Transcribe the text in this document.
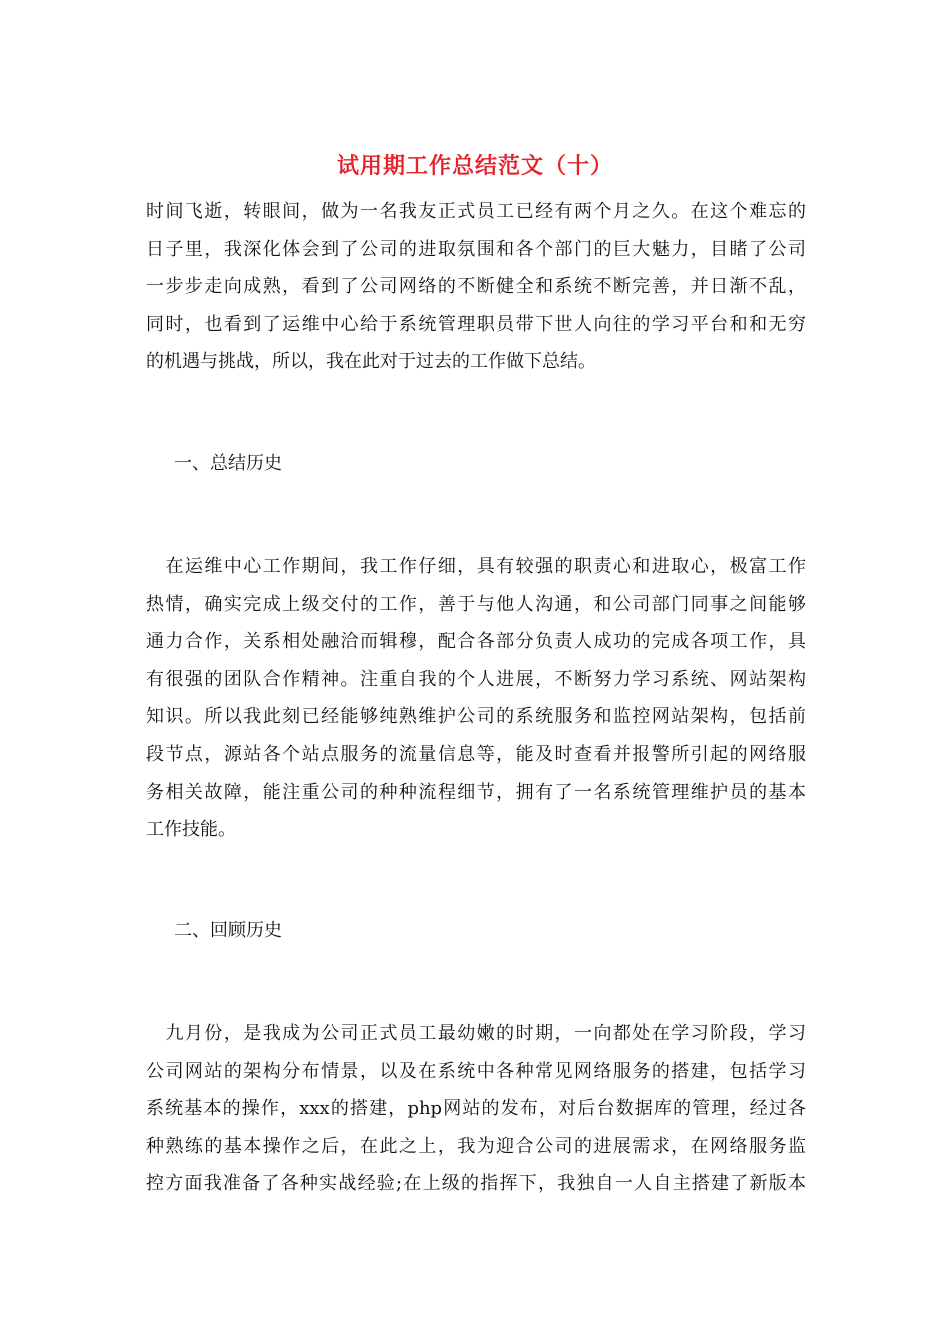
试用期工作总结范文（十）
时间飞逝，转眼间，做为一名我友正式员工已经有两个月之久。在这个难忘的
日子里，我深化体会到了公司的进取氛围和各个部门的巨大魅力，目睹了公司
一步步走向成熟，看到了公司网络的不断健全和系统不断完善，并日渐不乱，
同时，也看到了运维中心给于系统管理职员带下世人向往的学习平台和和无穷
的机遇与挑战，所以，我在此对于过去的工作做下总结。
一、总结历史
　在运维中心工作期间，我工作仔细，具有较强的职责心和进取心，极富工作
热情，确实完成上级交付的工作，善于与他人沟通，和公司部门同事之间能够
通力合作，关系相处融洽而辑穆，配合各部分负责人成功的完成各项工作，具
有很强的团队合作精神。注重自我的个人进展，不断努力学习系统、网站架构
知识。所以我此刻已经能够纯熟维护公司的系统服务和监控网站架构，包括前
段节点，源站各个站点服务的流量信息等，能及时查看并报警所引起的网络服
务相关故障，能注重公司的种种流程细节，拥有了一名系统管理维护员的基本
工作技能。
二、回顾历史
　九月份，是我成为公司正式员工最幼嫩的时期，一向都处在学习阶段，学习
公司网站的架构分布情景，以及在系统中各种常见网络服务的搭建，包括学习
系统基本的操作，xxx的搭建，php网站的发布，对后台数据库的管理，经过各
种熟练的基本操作之后，在此之上，我为迎合公司的进展需求，在网络服务监
控方面我准备了各种实战经验;在上级的指挥下，我独自一人自主搭建了新版本
